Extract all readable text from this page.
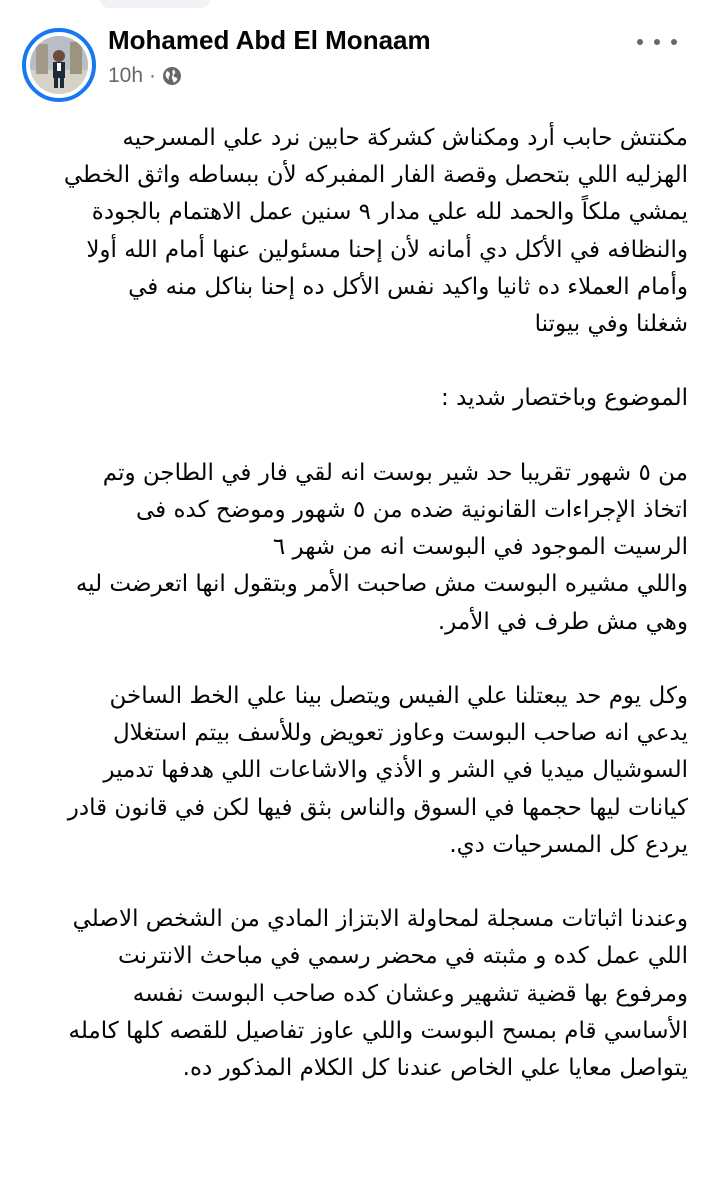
Mohamed Abd El Monaam
10h ·
مكنتش حابب أرد ومكناش كشركة حابين نرد علي المسرحيه
الهزليه اللي بتحصل وقصة الفار المفبركه لأن ببساطه واثق الخطي
يمشي ملكاً والحمد لله علي مدار ٩ سنين عمل الاهتمام بالجودة
والنظافه في الأكل دي أمانه لأن إحنا مسئولين عنها أمام الله أولا
وأمام العملاء ده ثانيا واكيد نفس الأكل ده إحنا بناكل منه في
شغلنا وفي بيوتنا
الموضوع وباختصار شديد :
من ٥ شهور تقريبا حد شير بوست انه لقي فار في الطاجن وتم
اتخاذ الإجراءات القانونية ضده من ٥ شهور وموضح كده فى
الرسيت الموجود في البوست انه من شهر ٦
واللي مشيره البوست مش صاحبت الأمر وبتقول انها اتعرضت ليه
وهي مش طرف في الأمر.
وكل يوم حد يبعتلنا علي الفيس ويتصل بينا علي الخط الساخن
يدعي انه صاحب البوست وعاوز تعويض وللأسف بيتم استغلال
السوشيال ميديا في الشر و الأذي والاشاعات اللي هدفها تدمير
كيانات ليها حجمها في السوق والناس بثق فيها لكن في قانون قادر
يردع كل المسرحيات دي.
وعندنا اثباتات مسجلة لمحاولة الابتزاز المادي من الشخص الاصلي
اللي عمل كده و مثبته في محضر رسمي في مباحث الانترنت
ومرفوع بها قضية تشهير وعشان كده صاحب البوست نفسه
الأساسي قام بمسح البوست واللي عاوز تفاصيل للقصه كلها كامله
يتواصل معايا علي الخاص عندنا كل الكلام المذكور ده.
